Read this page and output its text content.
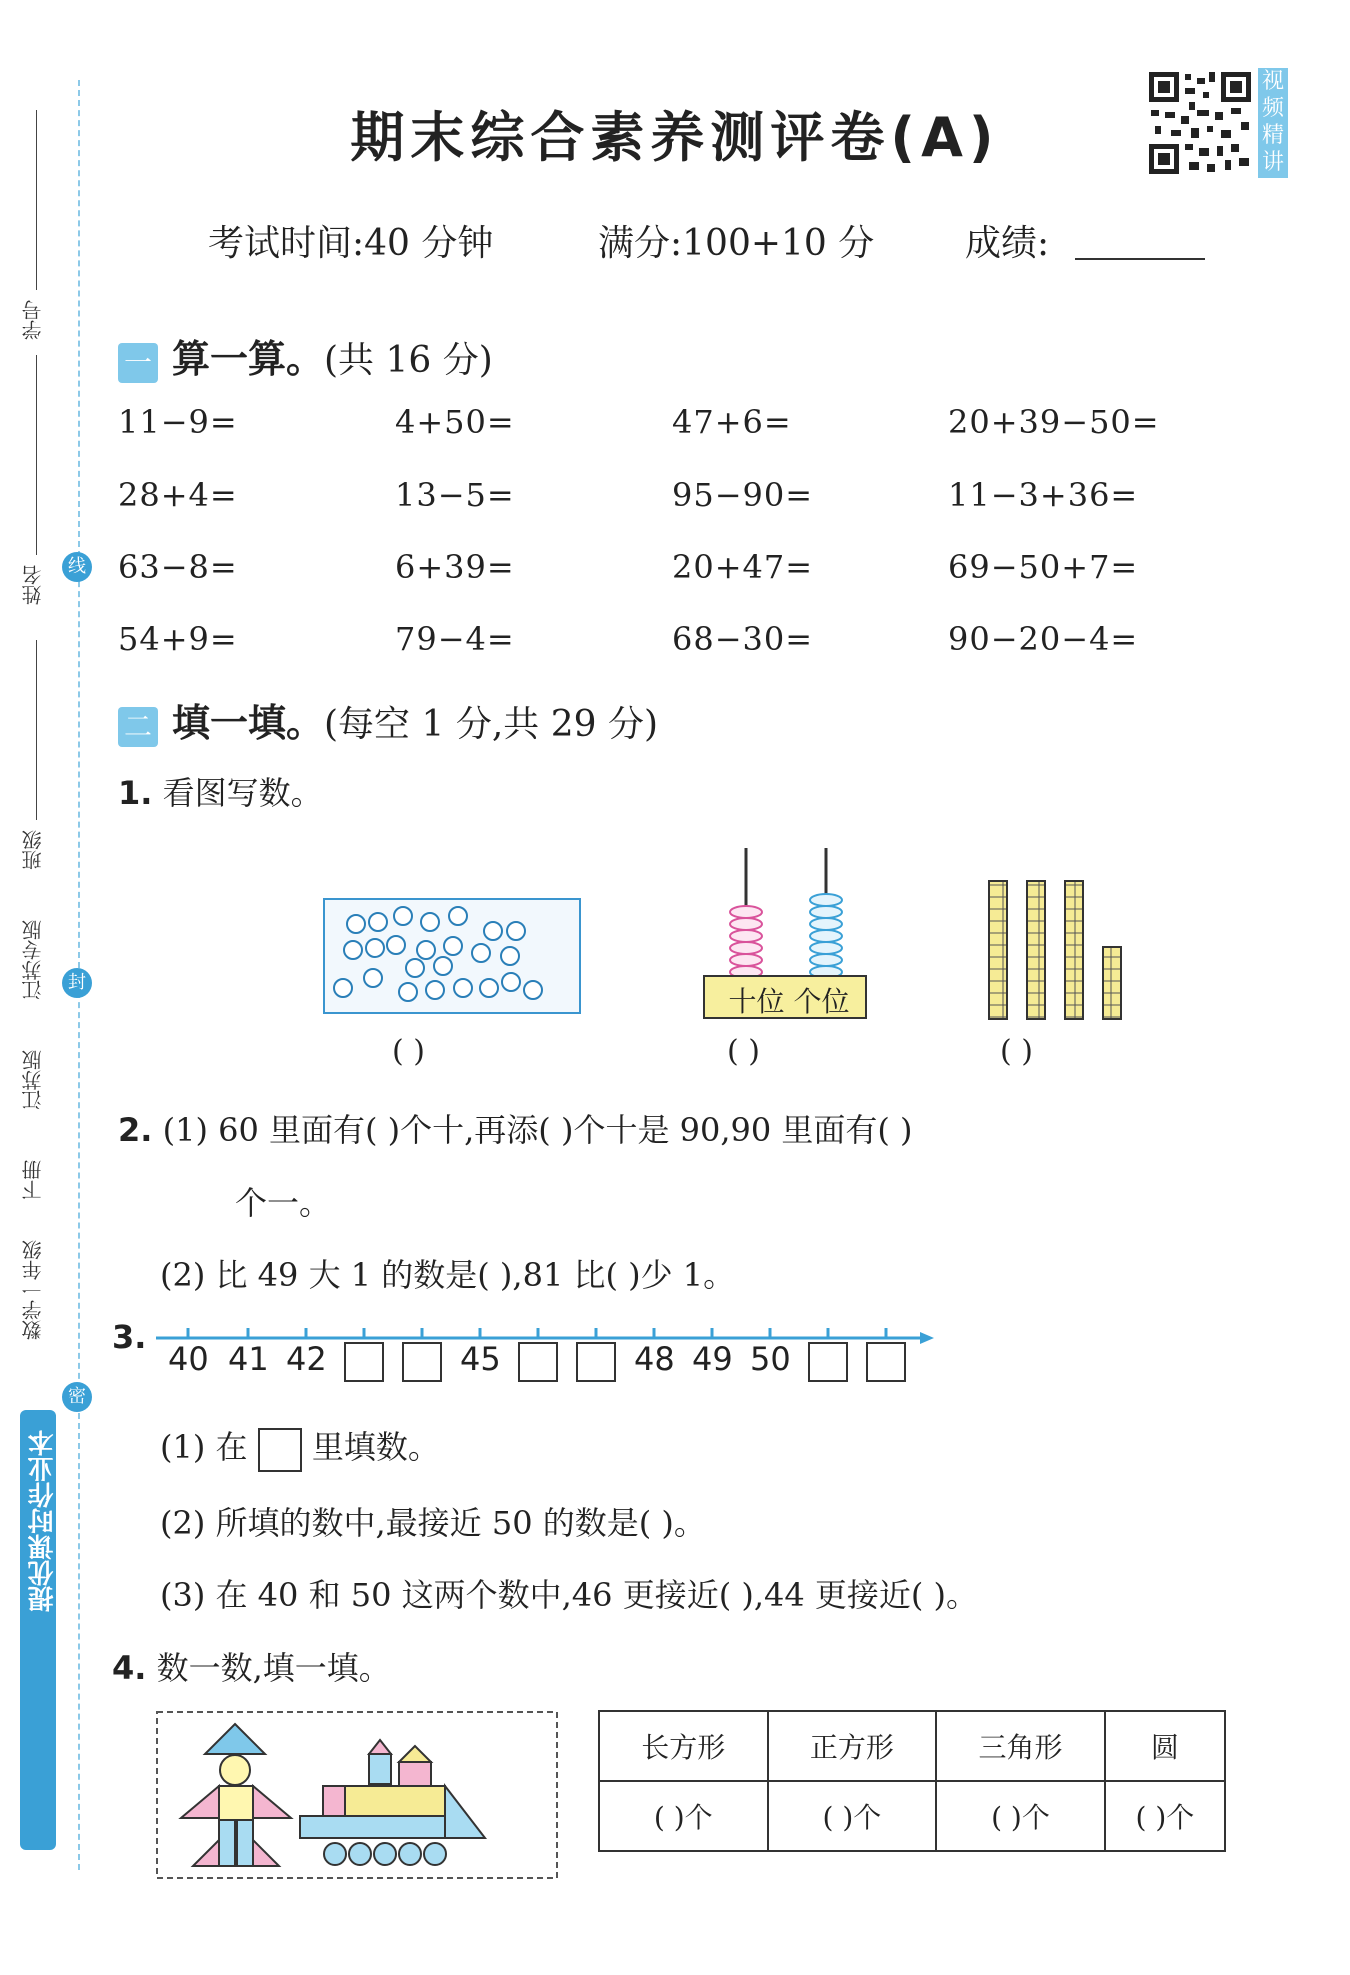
学号
姓名
班级
江苏专版
江苏版
下册
数学一年级
线
封
密
提优课时作业本
期末综合素养测评卷(A)
视
频
精
讲
考试时间:40 分钟	满分:100+10 分	成绩:
一 算一算。(共 16 分)
11−9=	4+50=	47+6=	20+39−50=
28+4=	13−5=	95−90=	11−3+36=
63−8=	6+39=	20+47=	69−50+7=
54+9=	79−4=	68−30=	90−20−4=
二 填一填。(每空 1 分,共 29 分)
1. 看图写数。
( )
十位 个位
( )	( )
2. (1) 60 里面有( )个十,再添( )个十是 90,90 里面有( )
个一。
(2) 比 49 大 1 的数是( ),81 比( )少 1。
3.
40 41 42	45	48 49 50
(1) 在 里填数。
(2) 所填的数中,最接近 50 的数是( )。
(3) 在 40 和 50 这两个数中,46 更接近( ),44 更接近( )。
4. 数一数,填一填。
长方形	正方形	三角形	圆
( )个	( )个	( )个	( )个
